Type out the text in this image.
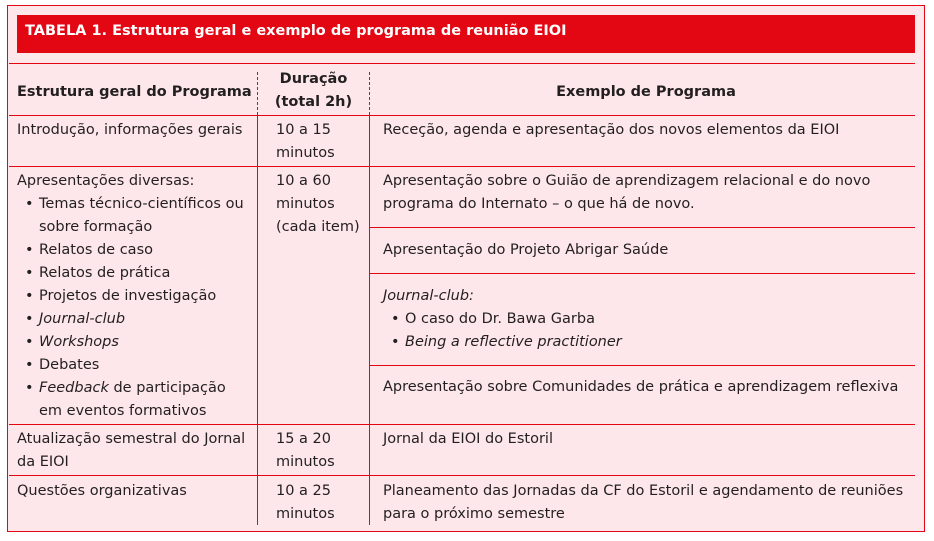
TABELA 1. Estrutura geral e exemplo de programa de reunião EIOI
Estrutura geral do Programa
Duração
(total 2h)
Exemplo de Programa
Introdução, informações gerais 10 a 15
minutos
Receção, agenda e apresentação dos novos elementos da EIOI
Apresentações diversas:
• Temas técnico-científicos ou sobre formação
• Relatos de caso
• Relatos de prática
• Projetos de investigação
• Journal-club
• Workshops
• Debates
• Feedback de participação em eventos formativos
10 a 60
minutos
(cada item)
Apresentação sobre o Guião de aprendizagem relacional e do novo programa do Internato – o que há de novo.
Apresentação do Projeto Abrigar Saúde
Journal-club:
• O caso do Dr. Bawa Garba
• Being a reflective practitioner
Apresentação sobre Comunidades de prática e aprendizagem reflexiva
Atualização semestral do Jornal da EIOI
15 a 20
minutos
Jornal da EIOI do Estoril
Questões organizativas	10 a 25
minutos
Planeamento das Jornadas da CF do Estoril e agendamento de reuniões para o próximo semestre
